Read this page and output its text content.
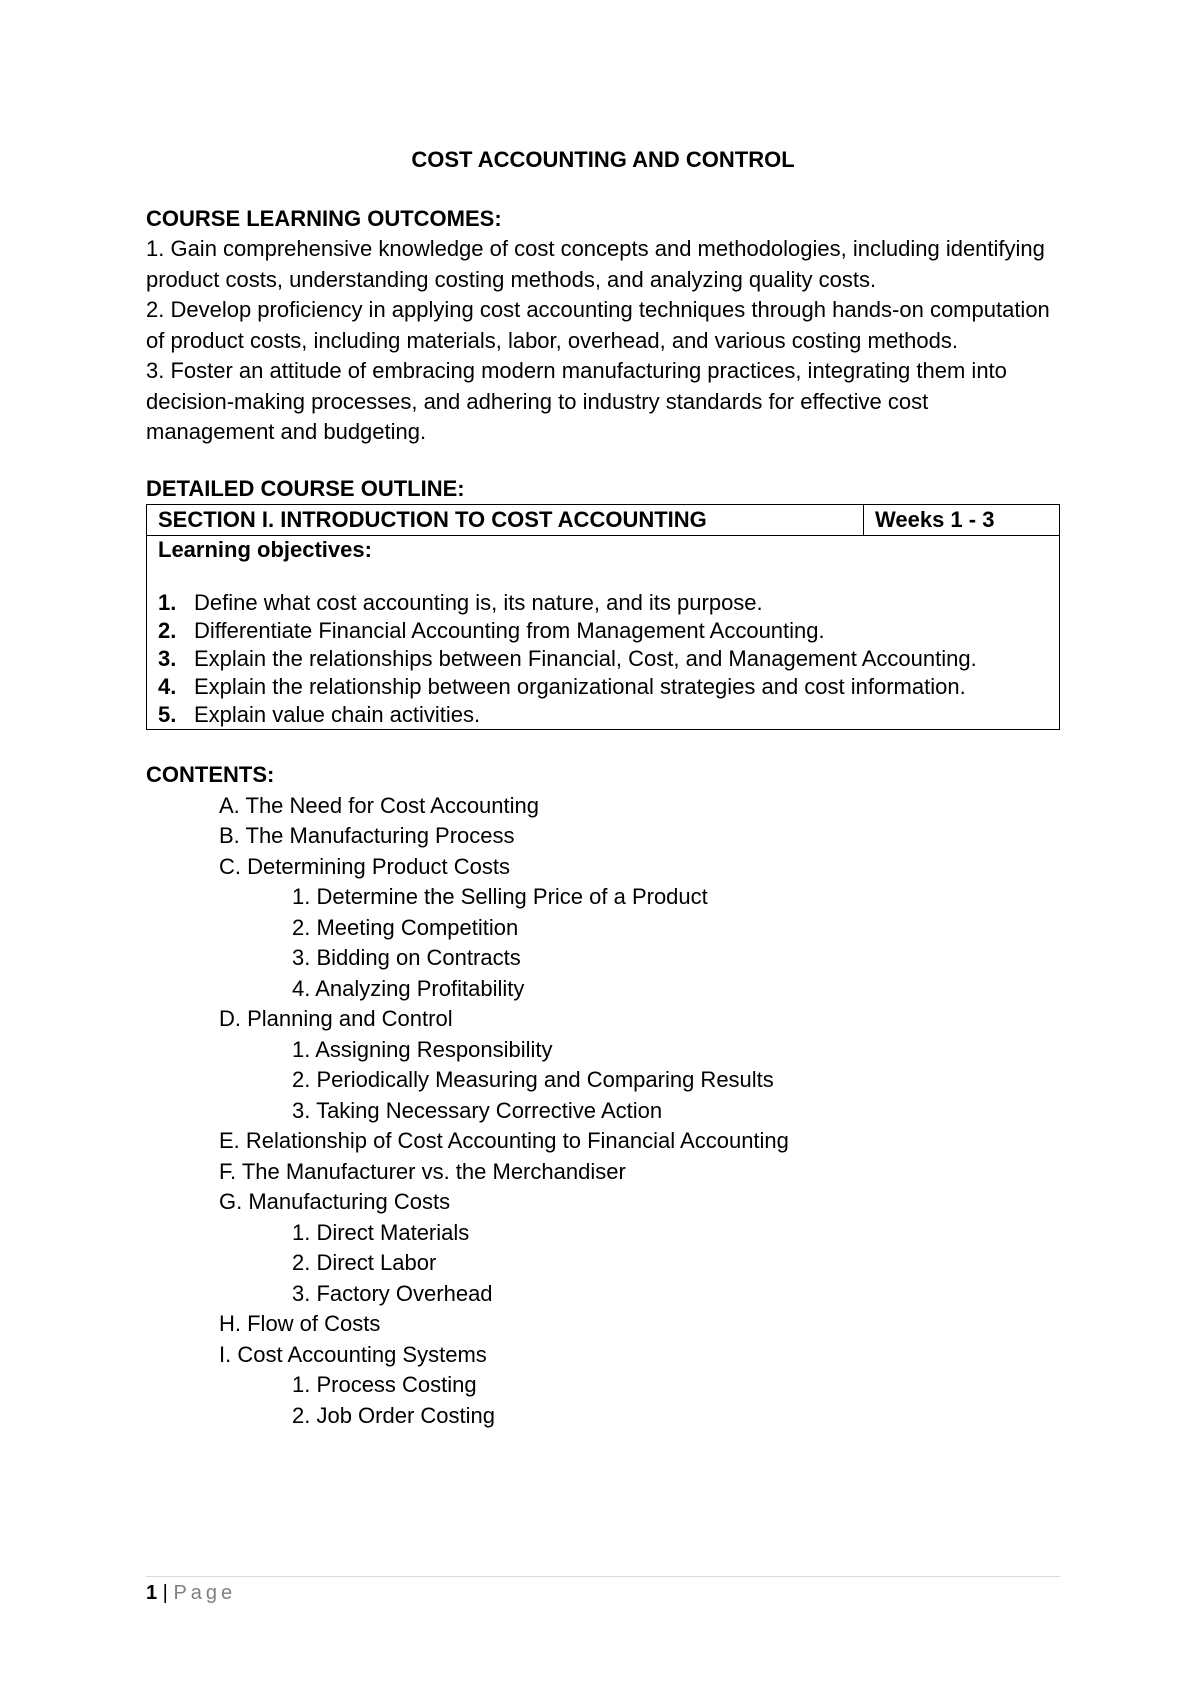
COST ACCOUNTING AND CONTROL

COURSE LEARNING OUTCOMES:

1. Gain comprehensive knowledge of cost concepts and methodologies, including identifying product costs, understanding costing methods, and analyzing quality costs.

2. Develop proficiency in applying cost accounting techniques through hands-on computation of product costs, including materials, labor, overhead, and various costing methods.

3. Foster an attitude of embracing modern manufacturing practices, integrating them into decision-making processes, and adhering to industry standards for effective cost management and budgeting.

DETAILED COURSE OUTLINE:

SECTION I. INTRODUCTION TO COST ACCOUNTING	Weeks 1 - 3

Learning objectives:

1. Define what cost accounting is, its nature, and its purpose.
2. Differentiate Financial Accounting from Management Accounting.
3. Explain the relationships between Financial, Cost, and Management Accounting.
4. Explain the relationship between organizational strategies and cost information.
5. Explain value chain activities.

CONTENTS:

A. The Need for Cost Accounting
B. The Manufacturing Process
C. Determining Product Costs
1. Determine the Selling Price of a Product
2. Meeting Competition
3. Bidding on Contracts
4. Analyzing Profitability
D. Planning and Control
1. Assigning Responsibility
2. Periodically Measuring and Comparing Results
3. Taking Necessary Corrective Action
E. Relationship of Cost Accounting to Financial Accounting
F. The Manufacturer vs. the Merchandiser
G. Manufacturing Costs
1. Direct Materials
2. Direct Labor
3. Factory Overhead
H. Flow of Costs
I. Cost Accounting Systems
1. Process Costing
2. Job Order Costing
1 | Page
